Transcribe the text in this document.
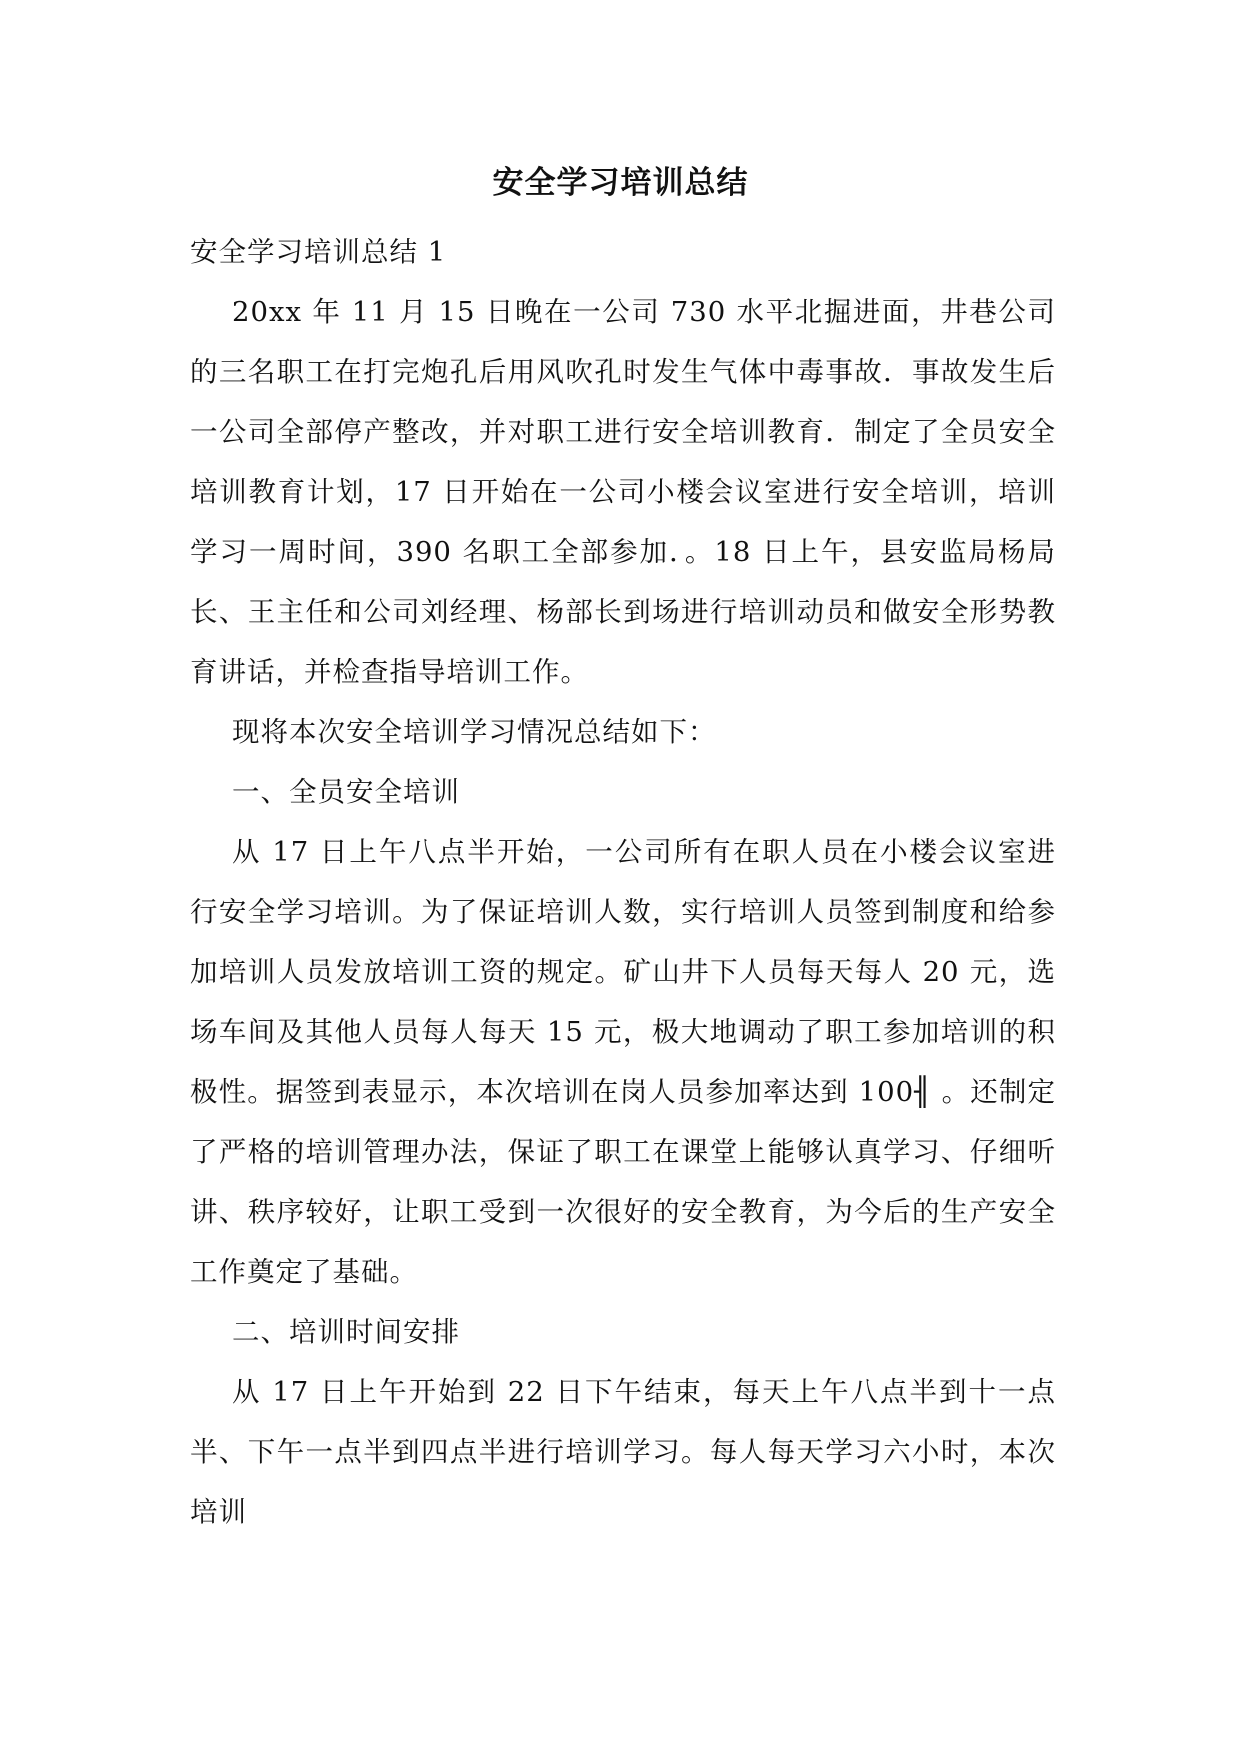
安全学习培训总结

安全学习培训总结 1

20xx 年 11 月 15 日晚在一公司 730 水平北掘进面，井巷公司的三名职工在打完炮孔后用风吹孔时发生气体中毒事故．事故发生后一公司全部停产整改，并对职工进行安全培训教育．制定了全员安全培训教育计划，17 日开始在一公司小楼会议室进行安全培训，培训学习一周时间，390 名职工全部参加．。18 日上午，县安监局杨局长、王主任和公司刘经理、杨部长到场进行培训动员和做安全形势教育讲话，并检查指导培训工作。

现将本次安全培训学习情况总结如下：

一、全员安全培训

从 17 日上午八点半开始，一公司所有在职人员在小楼会议室进行安全学习培训。为了保证培训人数，实行培训人员签到制度和给参加培训人员发放培训工资的规定。矿山井下人员每天每人 20 元，选场车间及其他人员每人每天 15 元，极大地调动了职工参加培训的积极性。据签到表显示，本次培训在岗人员参加率达到 100╢ 。还制定了严格的培训管理办法，保证了职工在课堂上能够认真学习、仔细听讲、秩序较好，让职工受到一次很好的安全教育，为今后的生产安全工作奠定了基础。

二、培训时间安排

从 17 日上午开始到 22 日下午结束，每天上午八点半到十一点半、下午一点半到四点半进行培训学习。每人每天学习六小时，本次培训
